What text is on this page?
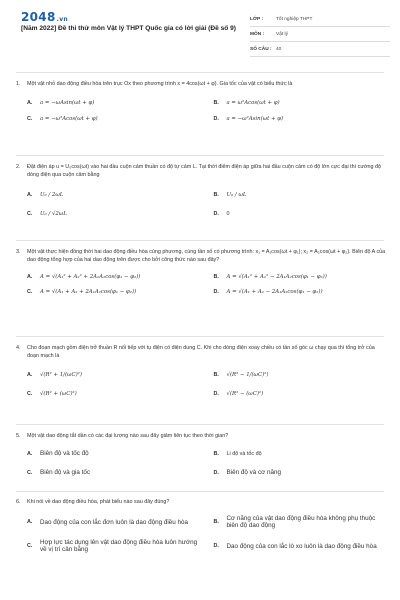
2048.vn
[Năm 2022] Đề thi thử môn Vật lý THPT Quốc gia có lời giải (Đề số 9)
LỚP :	Tốt nghiệp THPT
MÔN :	Vật lý
SỐ CÂU : 40
1.	Một vật nhỏ dao động điều hòa trên trục Ox theo phương trình x = 4cos(ωt + φ). Gia tốc của vật có biểu thức là
A.	a = −ωAsin(ωt + φ)	B.	a = ω²Acos(ωt + φ)
C.	a = −ω²Acos(ωt + φ)	D.	a = −ω²Asin(ωt + φ)
2.	Đặt điện áp u = U₀cos(ωt) vào hai đầu cuộn cảm thuần có độ tự cảm L. Tại thời điểm điện áp giữa hai đầu cuộn cảm có độ lớn cực đại thì cường độ dòng điện qua cuộn cảm bằng
A.	U₀ / 2ωL	B.	U₀ / ωL
C.	U₀ / √2ωL	D.	0
3.	Một vật thực hiện đồng thời hai dao động điều hòa cùng phương, cùng tần số có phương trình: x₁ = A₁cos(ωt + φ₁); x₂ = A₂cos(ωt + φ₂). Biên độ A của dao động tổng hợp của hai dao động trên được cho bởi công thức nào sau đây?
A.	A = √(A₁² + A₂² + 2A₁A₂cos(φ₁ − φ₂))	B.	A = √(A₁² + A₂² − 2A₁A₂cos(φ₁ − φ₂))
C.	A = √(A₁ + A₂ + 2A₁A₂cos(φ₁ − φ₂))	D.	A = √(A₁ + A₂ − 2A₁A₂cos(φ₁ − φ₂))
4.	Cho đoạn mạch gồm điện trở thuần R nối tiếp với tụ điện có điện dung C. Khi cho dòng điện xoay chiều có tần số góc ω chạy qua thì tổng trở của đoạn mạch là
A.	√(R² + 1/(ωC)²)	B.	√(R² − 1/(ωC)²)
C.	√(R² + (ωC)²)	D.	√(R² − (ωC)²)
5.	Một vật dao động tắt dần có các đại lượng nào sau đây giảm liên tục theo thời gian?
A.	Biên độ và tốc độ	B.	Li độ và tốc độ
C.	Biên độ và gia tốc	D.	Biên độ và cơ năng
6.	Khi nói về dao động điều hòa, phát biểu nào sau đây đúng?
A.	Dao động của con lắc đơn luôn là dao động điều hòa	B.	Cơ năng của vật dao động điều hòa không phụ thuộc biên độ dao động
C.	Hợp lực tác dụng lên vật dao động điều hòa luôn hướng về vị trí cân bằng	D.	Dao động của con lắc lò xo luôn là dao động điều hòa
